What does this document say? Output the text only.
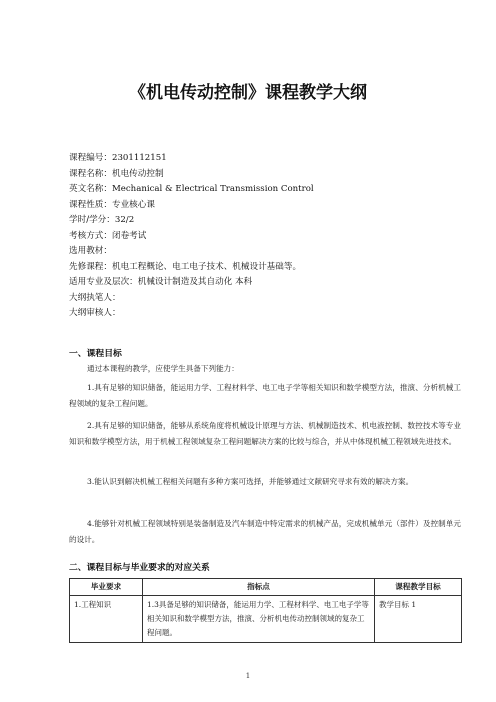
《机电传动控制》课程教学大纲
课程编号：2301112151
课程名称：机电传动控制
英文名称：Mechanical & Electrical Transmission Control
课程性质：专业核心课
学时/学分：32/2
考核方式：闭卷考试
选用教材：
先修课程：机电工程概论、电工电子技术、机械设计基础等。
适用专业及层次：机械设计制造及其自动化 本科
大纲执笔人：
大纲审核人：
一、课程目标
通过本课程的教学，应使学生具备下列能力：
1.具有足够的知识储备，能运用力学、工程材料学、电工电子学等相关知识和数学模型方法，推演、分析机械工程领域的复杂工程问题。
2.具有足够的知识储备，能够从系统角度将机械设计原理与方法、机械制造技术、机电液控制、数控技术等专业知识和数学模型方法，用于机械工程领域复杂工程问题解决方案的比较与综合，并从中体现机械工程领域先进技术。
3.能认识到解决机械工程相关问题有多种方案可选择，并能够通过文献研究寻求有效的解决方案。
4.能够针对机械工程领域特别是装备制造及汽车制造中特定需求的机械产品，完成机械单元（部件）及控制单元的设计。
二、课程目标与毕业要求的对应关系
毕业要求	指标点	课程教学目标
1.工程知识	1.3具备足够的知识储备，能运用力学、工程材料学、电工电子学等相关知识和数学模型方法，推演、分析机电传动控制领域的复杂工程问题。	教学目标 1
1
